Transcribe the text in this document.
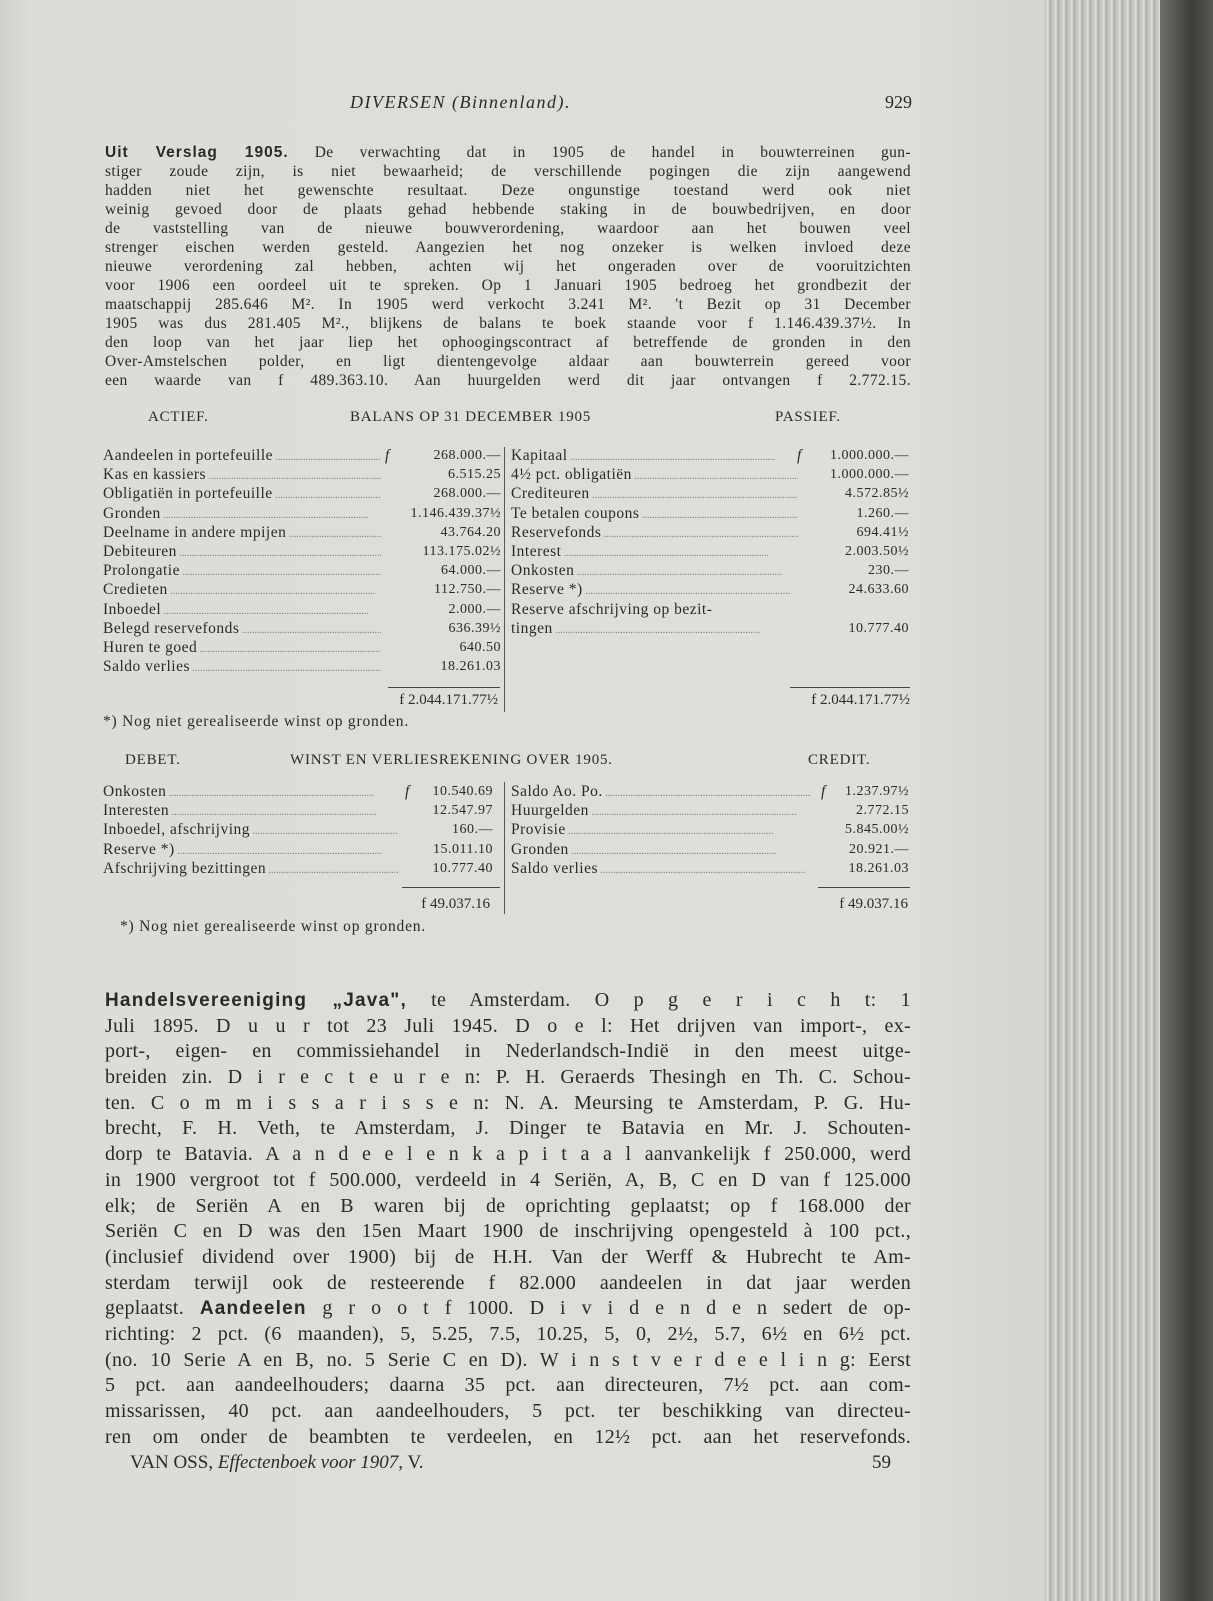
DIVERSEN (Binnenland).	929
Uit Verslag 1905. De verwachting dat in 1905 de handel in bouwterreinen gun-
stiger zoude zijn, is niet bewaarheid; de verschillende pogingen die zijn aangewend
hadden niet het gewenschte resultaat. Deze ongunstige toestand werd ook niet
weinig gevoed door de plaats gehad hebbende staking in de bouwbedrijven, en door
de vaststelling van de nieuwe bouwverordening, waardoor aan het bouwen veel
strenger eischen werden gesteld. Aangezien het nog onzeker is welken invloed deze
nieuwe verordening zal hebben, achten wij het ongeraden over de vooruitzichten
voor 1906 een oordeel uit te spreken. Op 1 Januari 1905 bedroeg het grondbezit der
maatschappij 285.646 M². In 1905 werd verkocht 3.241 M². 't Bezit op 31 December
1905 was dus 281.405 M²., blijkens de balans te boek staande voor f 1.146.439.37½. In
den loop van het jaar liep het ophoogingscontract af betreffende de gronden in den
Over-Amstelschen polder, en ligt dientengevolge aldaar aan bouwterrein gereed voor
een waarde van f 489.363.10. Aan huurgelden werd dit jaar ontvangen f 2.772.15.
ACTIEF.	BALANS OP 31 DECEMBER 1905	PASSIEF.
Aandeelen in portefeuille .....	f	268.000.—
Kas en kassiers .....	6.515.25
Obligatiën in portefeuille .....	268.000.—
Gronden .....	1.146.439.37½
Deelname in andere mpijen .....	43.764.20
Debiteuren .....	113.175.02½
Prolongatie .....	64.000.—
Credieten .....	112.750.—
Inboedel .....	2.000.—
Belegd reservefonds .....	636.39½
Huren te goed .....	640.50
Saldo verlies .....	18.261.03
Kapitaal .....	f	1.000.000.—
4½ pct. obligatiën .....	1.000.000.—
Crediteuren .....	4.572.85½
Te betalen coupons .....	1.260.—
Reservefonds .....	694.41½
Interest .....	2.003.50½
Onkosten .....	230.—
Reserve *) .....	24.633.60
Reserve afschrijving op bezit-
tingen .....	10.777.40
f 2.044.171.77½	f 2.044.171.77½
*) Nog niet gerealiseerde winst op gronden.
DEBET.	WINST EN VERLIESREKENING OVER 1905.	CREDIT.
Onkosten .....	f	10.540.69
Interesten .....	12.547.97
Inboedel, afschrijving .....	160.—
Reserve *) .....	15.011.10
Afschrijving bezittingen .....	10.777.40
Saldo Ao. Po. .....	f	1.237.97½
Huurgelden .....	2.772.15
Provisie .....	5.845.00½
Gronden .....	20.921.—
Saldo verlies .....	18.261.03
f 49.037.16	f 49.037.16
*) Nog niet gerealiseerde winst op gronden.
Handelsvereeniging „Java", te Amsterdam. O p g e r i c h t: 1
Juli 1895. D u u r tot 23 Juli 1945. D o e l: Het drijven van import-, ex-
port-, eigen- en commissiehandel in Nederlandsch-Indië in den meest uitge-
breiden zin. D i r e c t e u r e n: P. H. Geraerds Thesingh en Th. C. Schou-
ten. C o m m i s s a r i s s e n: N. A. Meursing te Amsterdam, P. G. Hu-
brecht, F. H. Veth, te Amsterdam, J. Dinger te Batavia en Mr. J. Schouten-
dorp te Batavia. A a n d e e l e n k a p i t a a l aanvankelijk f 250.000, werd
in 1900 vergroot tot f 500.000, verdeeld in 4 Seriën, A, B, C en D van f 125.000
elk; de Seriën A en B waren bij de oprichting geplaatst; op f 168.000 der
Seriën C en D was den 15en Maart 1900 de inschrijving opengesteld à 100 pct.,
(inclusief dividend over 1900) bij de H.H. Van der Werff & Hubrecht te Am-
sterdam terwijl ook de resteerende f 82.000 aandeelen in dat jaar werden
geplaatst. Aandeelen g r o o t f 1000. D i v i d e n d e n sedert de op-
richting: 2 pct. (6 maanden), 5, 5.25, 7.5, 10.25, 5, 0, 2½, 5.7, 6½ en 6½ pct.
(no. 10 Serie A en B, no. 5 Serie C en D). W i n s t v e r d e e l i n g: Eerst
5 pct. aan aandeelhouders; daarna 35 pct. aan directeuren, 7½ pct. aan com-
missarissen, 40 pct. aan aandeelhouders, 5 pct. ter beschikking van directeu-
ren om onder de beambten te verdeelen, en 12½ pct. aan het reservefonds.
VAN OSS, Effectenboek voor 1907, V.	59
